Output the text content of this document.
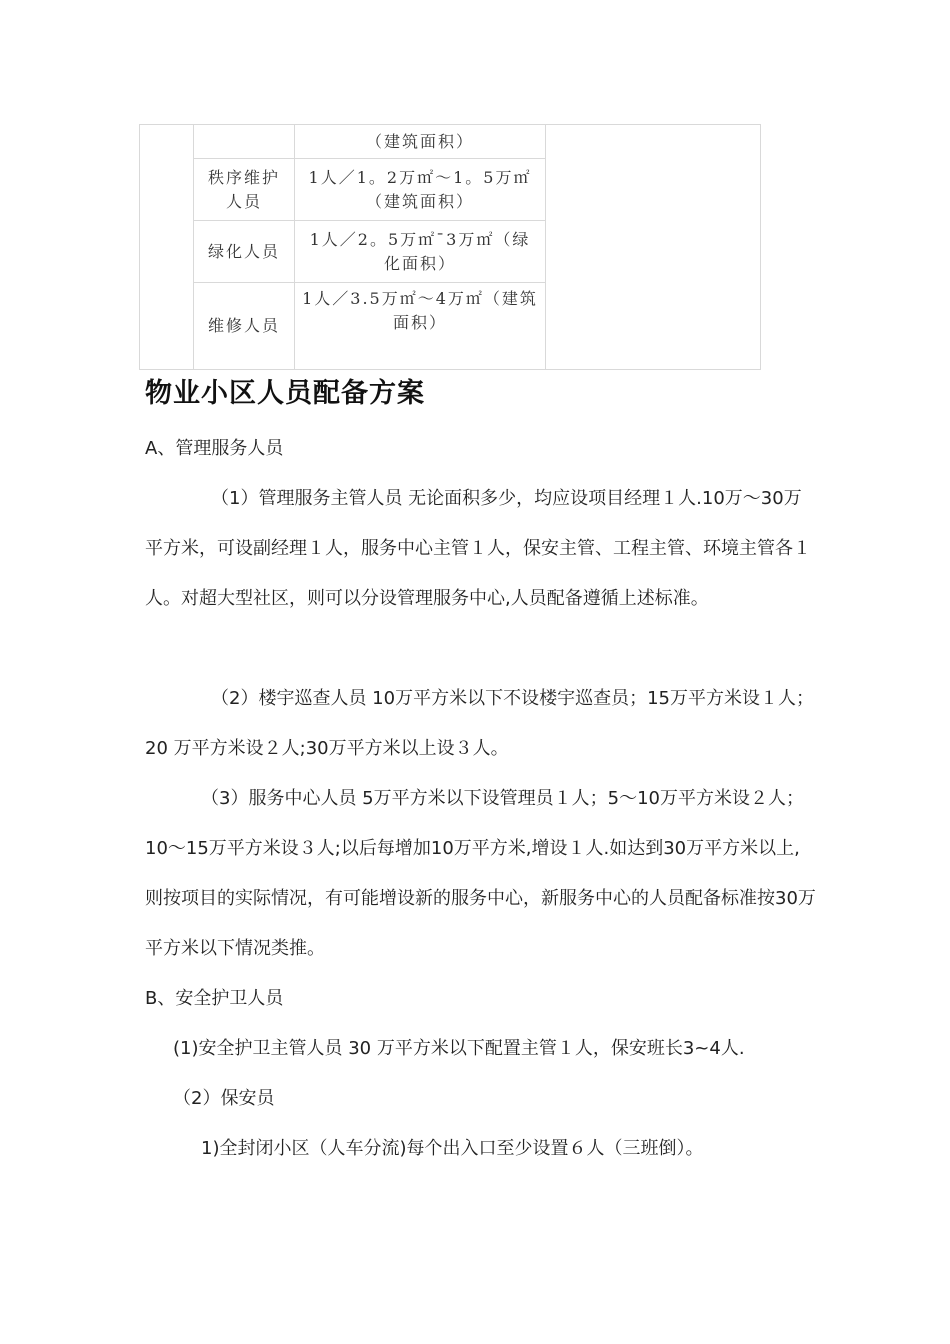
		（建筑面积）	
	秩序维护人员	1人／1。2万㎡～1。5万㎡（建筑面积）	
	绿化人员	1人／2。5万㎡¯3万㎡（绿化面积）	
	维修人员	1人／3.5万㎡～4万㎡（建筑面积）	
物业小区人员配备方案

A、管理服务人员

（1）管理服务主管人员 无论面积多少，均应设项目经理１人.10万～30万平方米，可设副经理１人，服务中心主管１人，保安主管、工程主管、环境主管各１人。对超大型社区，则可以分设管理服务中心,人员配备遵循上述标准。

（2）楼宇巡查人员 10万平方米以下不设楼宇巡查员；15万平方米设１人；20 万平方米设２人;30万平方米以上设３人。

（3）服务中心人员 5万平方米以下设管理员１人；5～10万平方米设２人；10～15万平方米设３人;以后每增加10万平方米,增设１人.如达到30万平方米以上,则按项目的实际情况，有可能增设新的服务中心，新服务中心的人员配备标准按30万平方米以下情况类推。

B、安全护卫人员

(1)安全护卫主管人员 30 万平方米以下配置主管１人，保安班长3~4人.

（2）保安员

1)全封闭小区（人车分流)每个出入口至少设置６人（三班倒）。
